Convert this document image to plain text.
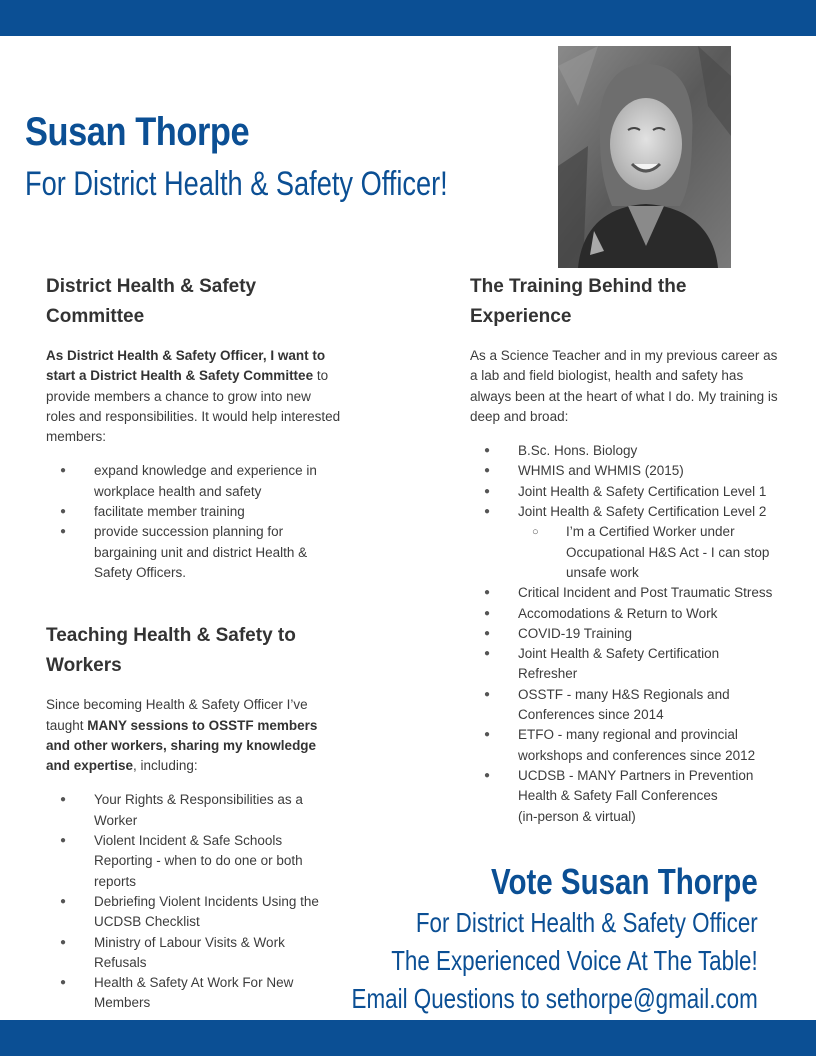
Susan Thorpe
For District Health & Safety Officer!
District Health & Safety Committee

As District Health & Safety Officer, I want to start a District Health & Safety Committee to provide members a chance to grow into new roles and responsibilities. It would help interested members:

● expand knowledge and experience in workplace health and safety
● facilitate member training
● provide succession planning for bargaining unit and district Health & Safety Officers.
Teaching Health & Safety to Workers

Since becoming Health & Safety Officer I’ve taught MANY sessions to OSSTF members and other workers, sharing my knowledge and expertise, including:

● Your Rights & Responsibilities as a Worker
● Violent Incident & Safe Schools Reporting - when to do one or both reports
● Debriefing Violent Incidents Using the UCDSB Checklist
● Ministry of Labour Visits & Work Refusals
● Health & Safety At Work For New Members
The Training Behind the Experience

As a Science Teacher and in my previous career as a lab and field biologist, health and safety has always been at the heart of what I do. My training is deep and broad:

● B.Sc. Hons. Biology
● WHMIS and WHMIS (2015)
● Joint Health & Safety Certification Level 1
● Joint Health & Safety Certification Level 2
○ I’m a Certified Worker under Occupational H&S Act - I can stop unsafe work
● Critical Incident and Post Traumatic Stress
● Accomodations & Return to Work
● COVID-19 Training
● Joint Health & Safety Certification Refresher
● OSSTF - many H&S Regionals and Conferences since 2014
● ETFO - many regional and provincial workshops and conferences since 2012
● UCDSB - MANY Partners in Prevention Health & Safety Fall Conferences
(in-person & virtual)
Vote Susan Thorpe
For District Health & Safety Officer
The Experienced Voice At The Table!
Email Questions to sethorpe@gmail.com
